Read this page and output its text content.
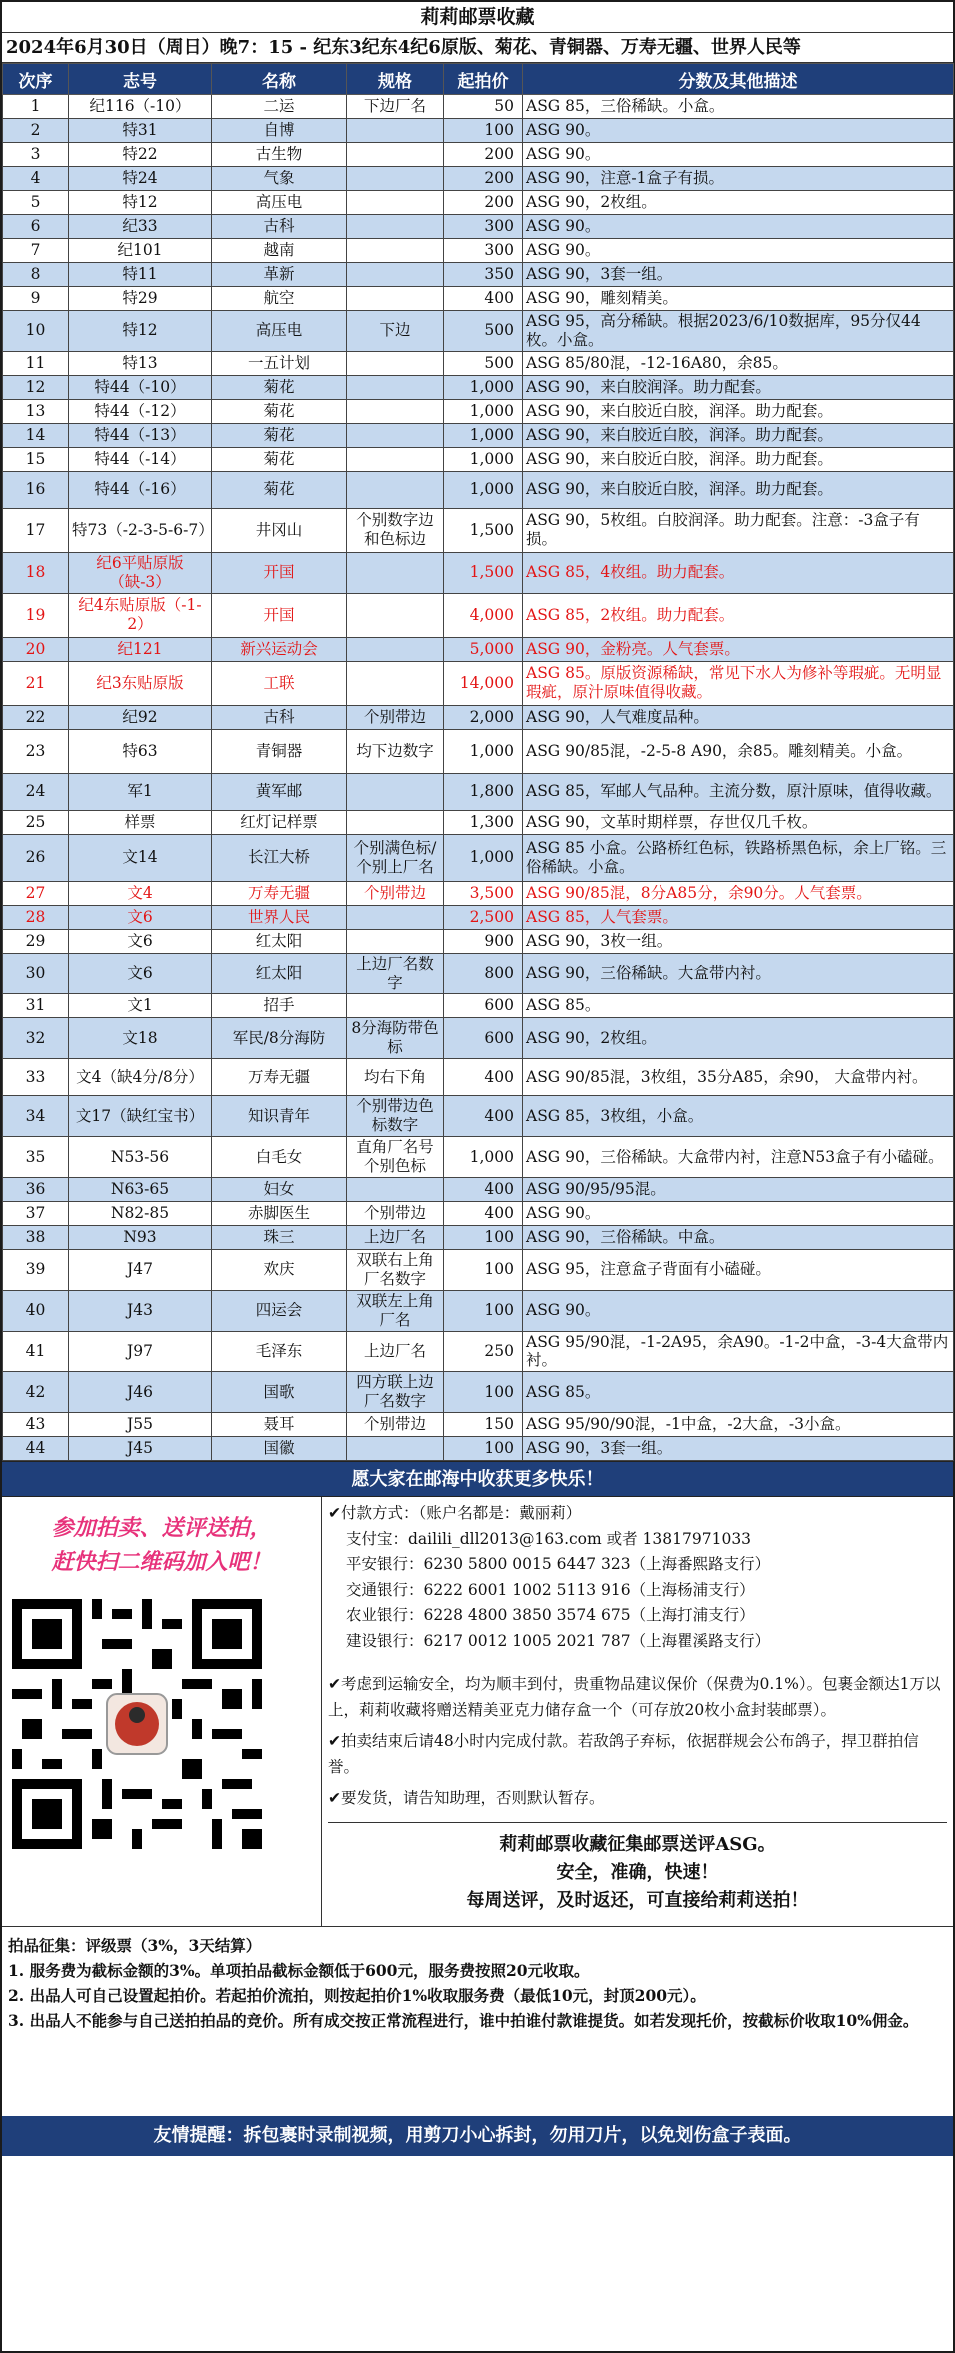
莉莉邮票收藏
2024年6月30日（周日）晚7：15 - 纪东3纪东4纪6原版、菊花、青铜器、万寿无疆、世界人民等
次序	志号	名称	规格	起拍价	分数及其他描述
1	纪116（-10）	二运	下边厂名	50	ASG 85，三俗稀缺。小盒。
2	特31	自博		100	ASG 90。
3	特22	古生物		200	ASG 90。
4	特24	气象		200	ASG 90，注意-1盒子有损。
5	特12	高压电		200	ASG 90，2枚组。
6	纪33	古科		300	ASG 90。
7	纪101	越南		300	ASG 90。
8	特11	革新		350	ASG 90，3套一组。
9	特29	航空		400	ASG 90，雕刻精美。
10	特12	高压电	下边	500	ASG 95，高分稀缺。根据2023/6/10数据库，95分仅44枚。小盒。
11	特13	一五计划		500	ASG 85/80混，-12-16A80，余85。
12	特44（-10）	菊花		1,000	ASG 90，来白胶润泽。助力配套。
13	特44（-12）	菊花		1,000	ASG 90，来白胶近白胶，润泽。助力配套。
14	特44（-13）	菊花		1,000	ASG 90，来白胶近白胶，润泽。助力配套。
15	特44（-14）	菊花		1,000	ASG 90，来白胶近白胶，润泽。助力配套。
16	特44（-16）	菊花		1,000	ASG 90，来白胶近白胶，润泽。助力配套。
17	特73（-2-3-5-6-7）	井冈山	个别数字边和色标边	1,500	ASG 90，5枚组。白胶润泽。助力配套。注意：-3盒子有损。
18	纪6平贴原版（缺-3）	开国		1,500	ASG 85，4枚组。助力配套。
19	纪4东贴原版（-1-2）	开国		4,000	ASG 85，2枚组。助力配套。
20	纪121	新兴运动会		5,000	ASG 90，金粉亮。人气套票。
21	纪3东贴原版	工联		14,000	ASG 85。原版资源稀缺，常见下水人为修补等瑕疵。无明显瑕疵，原汁原味值得收藏。
22	纪92	古科	个别带边	2,000	ASG 90，人气难度品种。
23	特63	青铜器	均下边数字	1,000	ASG 90/85混，-2-5-8 A90，余85。雕刻精美。小盒。
24	军1	黄军邮		1,800	ASG 85，军邮人气品种。主流分数，原汁原味，值得收藏。
25	样票	红灯记样票		1,300	ASG 90，文革时期样票，存世仅几千枚。
26	文14	长江大桥	个别满色标/个别上厂名	1,000	ASG 85 小盒。公路桥红色标，铁路桥黑色标，余上厂铭。三俗稀缺。小盒。
27	文4	万寿无疆	个别带边	3,500	ASG 90/85混，8分A85分，余90分。人气套票。
28	文6	世界人民		2,500	ASG 85，人气套票。
29	文6	红太阳		900	ASG 90，3枚一组。
30	文6	红太阳	上边厂名数字	800	ASG 90，三俗稀缺。大盒带内衬。
31	文1	招手		600	ASG 85。
32	文18	军民/8分海防	8分海防带色标	600	ASG 90，2枚组。
33	文4（缺4分/8分）	万寿无疆	均右下角	400	ASG 90/85混，3枚组，35分A85，余90， 大盒带内衬。
34	文17（缺红宝书）	知识青年	个别带边色标数字	400	ASG 85，3枚组，小盒。
35	N53-56	白毛女	直角厂名号个别色标	1,000	ASG 90，三俗稀缺。大盒带内衬，注意N53盒子有小磕碰。
36	N63-65	妇女		400	ASG 90/95/95混。
37	N82-85	赤脚医生	个别带边	400	ASG 90。
38	N93	珠三	上边厂名	100	ASG 90，三俗稀缺。中盒。
39	J47	欢庆	双联右上角厂名数字	100	ASG 95，注意盒子背面有小磕碰。
40	J43	四运会	双联左上角厂名	100	ASG 90。
41	J97	毛泽东	上边厂名	250	ASG 95/90混，-1-2A95，余A90。-1-2中盒，-3-4大盒带内衬。
42	J46	国歌	四方联上边厂名数字	100	ASG 85。
43	J55	聂耳	个别带边	150	ASG 95/90/90混，-1中盒，-2大盒，-3小盒。
44	J45	国徽		100	ASG 90，3套一组。
愿大家在邮海中收获更多快乐！
参加拍卖、送评送拍，
赶快扫二维码加入吧！

✔付款方式：（账户名都是：戴丽莉）

支付宝：dailili_dll2013@163.com 或者 13817971033

平安银行：6230 5800 0015 6447 323（上海番熙路支行）

交通银行：6222 6001 1002 5113 916（上海杨浦支行）

农业银行：6228 4800 3850 3574 675（上海打浦支行）

建设银行：6217 0012 1005 2021 787（上海瞿溪路支行）

✔考虑到运输安全，均为顺丰到付，贵重物品建议保价（保费为0.1%）。包裹金额达1万以上，莉莉收藏将赠送精美亚克力储存盒一个（可存放20枚小盒封装邮票）。

✔拍卖结束后请48小时内完成付款。若敌鸽子弃标，依据群规会公布鸽子，捍卫群拍信誉。

✔要发货，请告知助理，否则默认暂存。

莉莉邮票收藏征集邮票送评ASG。
安全，准确，快速！
每周送评，及时返还，可直接给莉莉送拍！
拍品征集：评级票（3%，3天结算）
1. 服务费为截标金额的3%。单项拍品截标金额低于600元，服务费按照20元收取。
2. 出品人可自己设置起拍价。若起拍价流拍，则按起拍价1%收取服务费（最低10元，封顶200元）。
3. 出品人不能参与自己送拍拍品的竞价。所有成交按正常流程进行，谁中拍谁付款谁提货。如若发现托价，按截标价收取10%佣金。
友情提醒：拆包裹时录制视频，用剪刀小心拆封，勿用刀片，以免划伤盒子表面。
